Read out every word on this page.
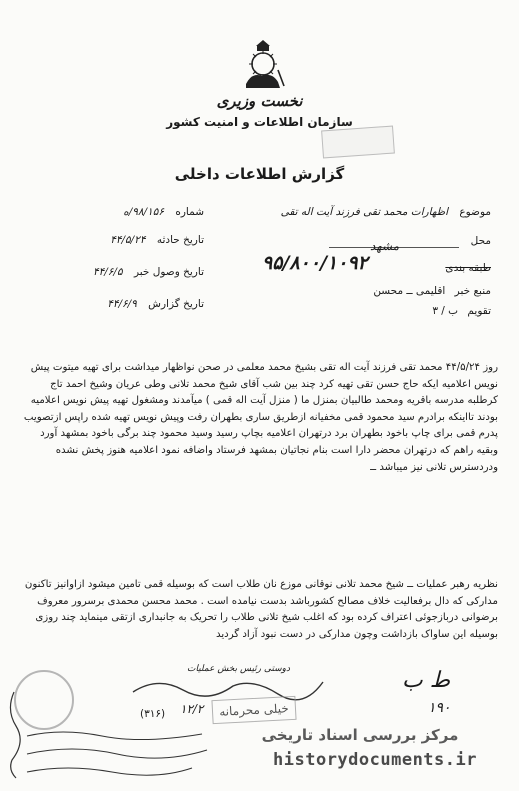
نخست وزیری
سازمان اطلاعات و امنیت کشور
گزارش اطلاعات داخلی
موضوع اظهارات محمد تقی فرزند آیت اله تقی
محل
مشهد
طبقه بندی
۹۵/۸۰۰/۱۰۹۲
منبع خبر اقلیمی ــ محسن
تقویم ب / ۳
شماره ۹۸/۱۵۶/ه
تاریخ حادثه ۴۴/۵/۲۴
تاریخ وصول خبر ۴۴/۶/۵
تاریخ گزارش ۴۴/۶/۹

روز ۴۴/۵/۲۴ محمد تقی فرزند آیت اله تقی بشیخ محمد معلمی در صحن نواظهار میداشت برای تهیه میتوت پیش نویس اعلامیه ایکه حاج حسن تقی تهیه کرد چند بین شب آقای شیخ محمد تلانی وطی عریان وشیخ احمد تاج کرطلبه مدرسه باقریه ومحمد طالبیان بمنزل ما ( منزل آیت اله قمی ) میآمدند ومشغول تهیه پیش نویس اعلامیه بودند تااینکه برادرم سید محمود قمی مخفیانه ازطریق ساری بطهران رفت وپیش نویس تهیه شده راپس ازتصویب پدرم قمی برای چاپ باخود بطهران برد درتهران اعلامیه بچاپ رسید وسید محمود چند برگی باخود بمشهد آورد وبقیه راهم که درتهران محضر دارا است بنام نجاتیان بمشهد فرستاد واضافه نمود اعلامیه هنوز پخش نشده ودردسترس تلانی نیز میباشد ــ

نظریه رهبر عملیات ــ شیخ محمد تلانی نوقانی موزع نان طلاب است که بوسیله قمی تامین میشود ازاوانیز تاکنون مدارکی که دال برفعالیت خلاف مصالح کشورباشد بدست نیامده است . محمد محسن محمدی برسرور معروف برضوانی دربازجوئی اعتراف کرده بود که اغلب شیخ تلانی طلاب را تحریک به جانبداری ازتقی مینماید چند روزی بوسیله این ساواک بازداشت وچون مدارکی در دست نبود آزاد گردید

دوستی رئیس بخش عملیات
(۳۱۶) ۱۲/۲	خیلی محرمانه
ط ب
۱۹۰
مرکز بررسی اسناد تاریخی
historydocuments.ir
